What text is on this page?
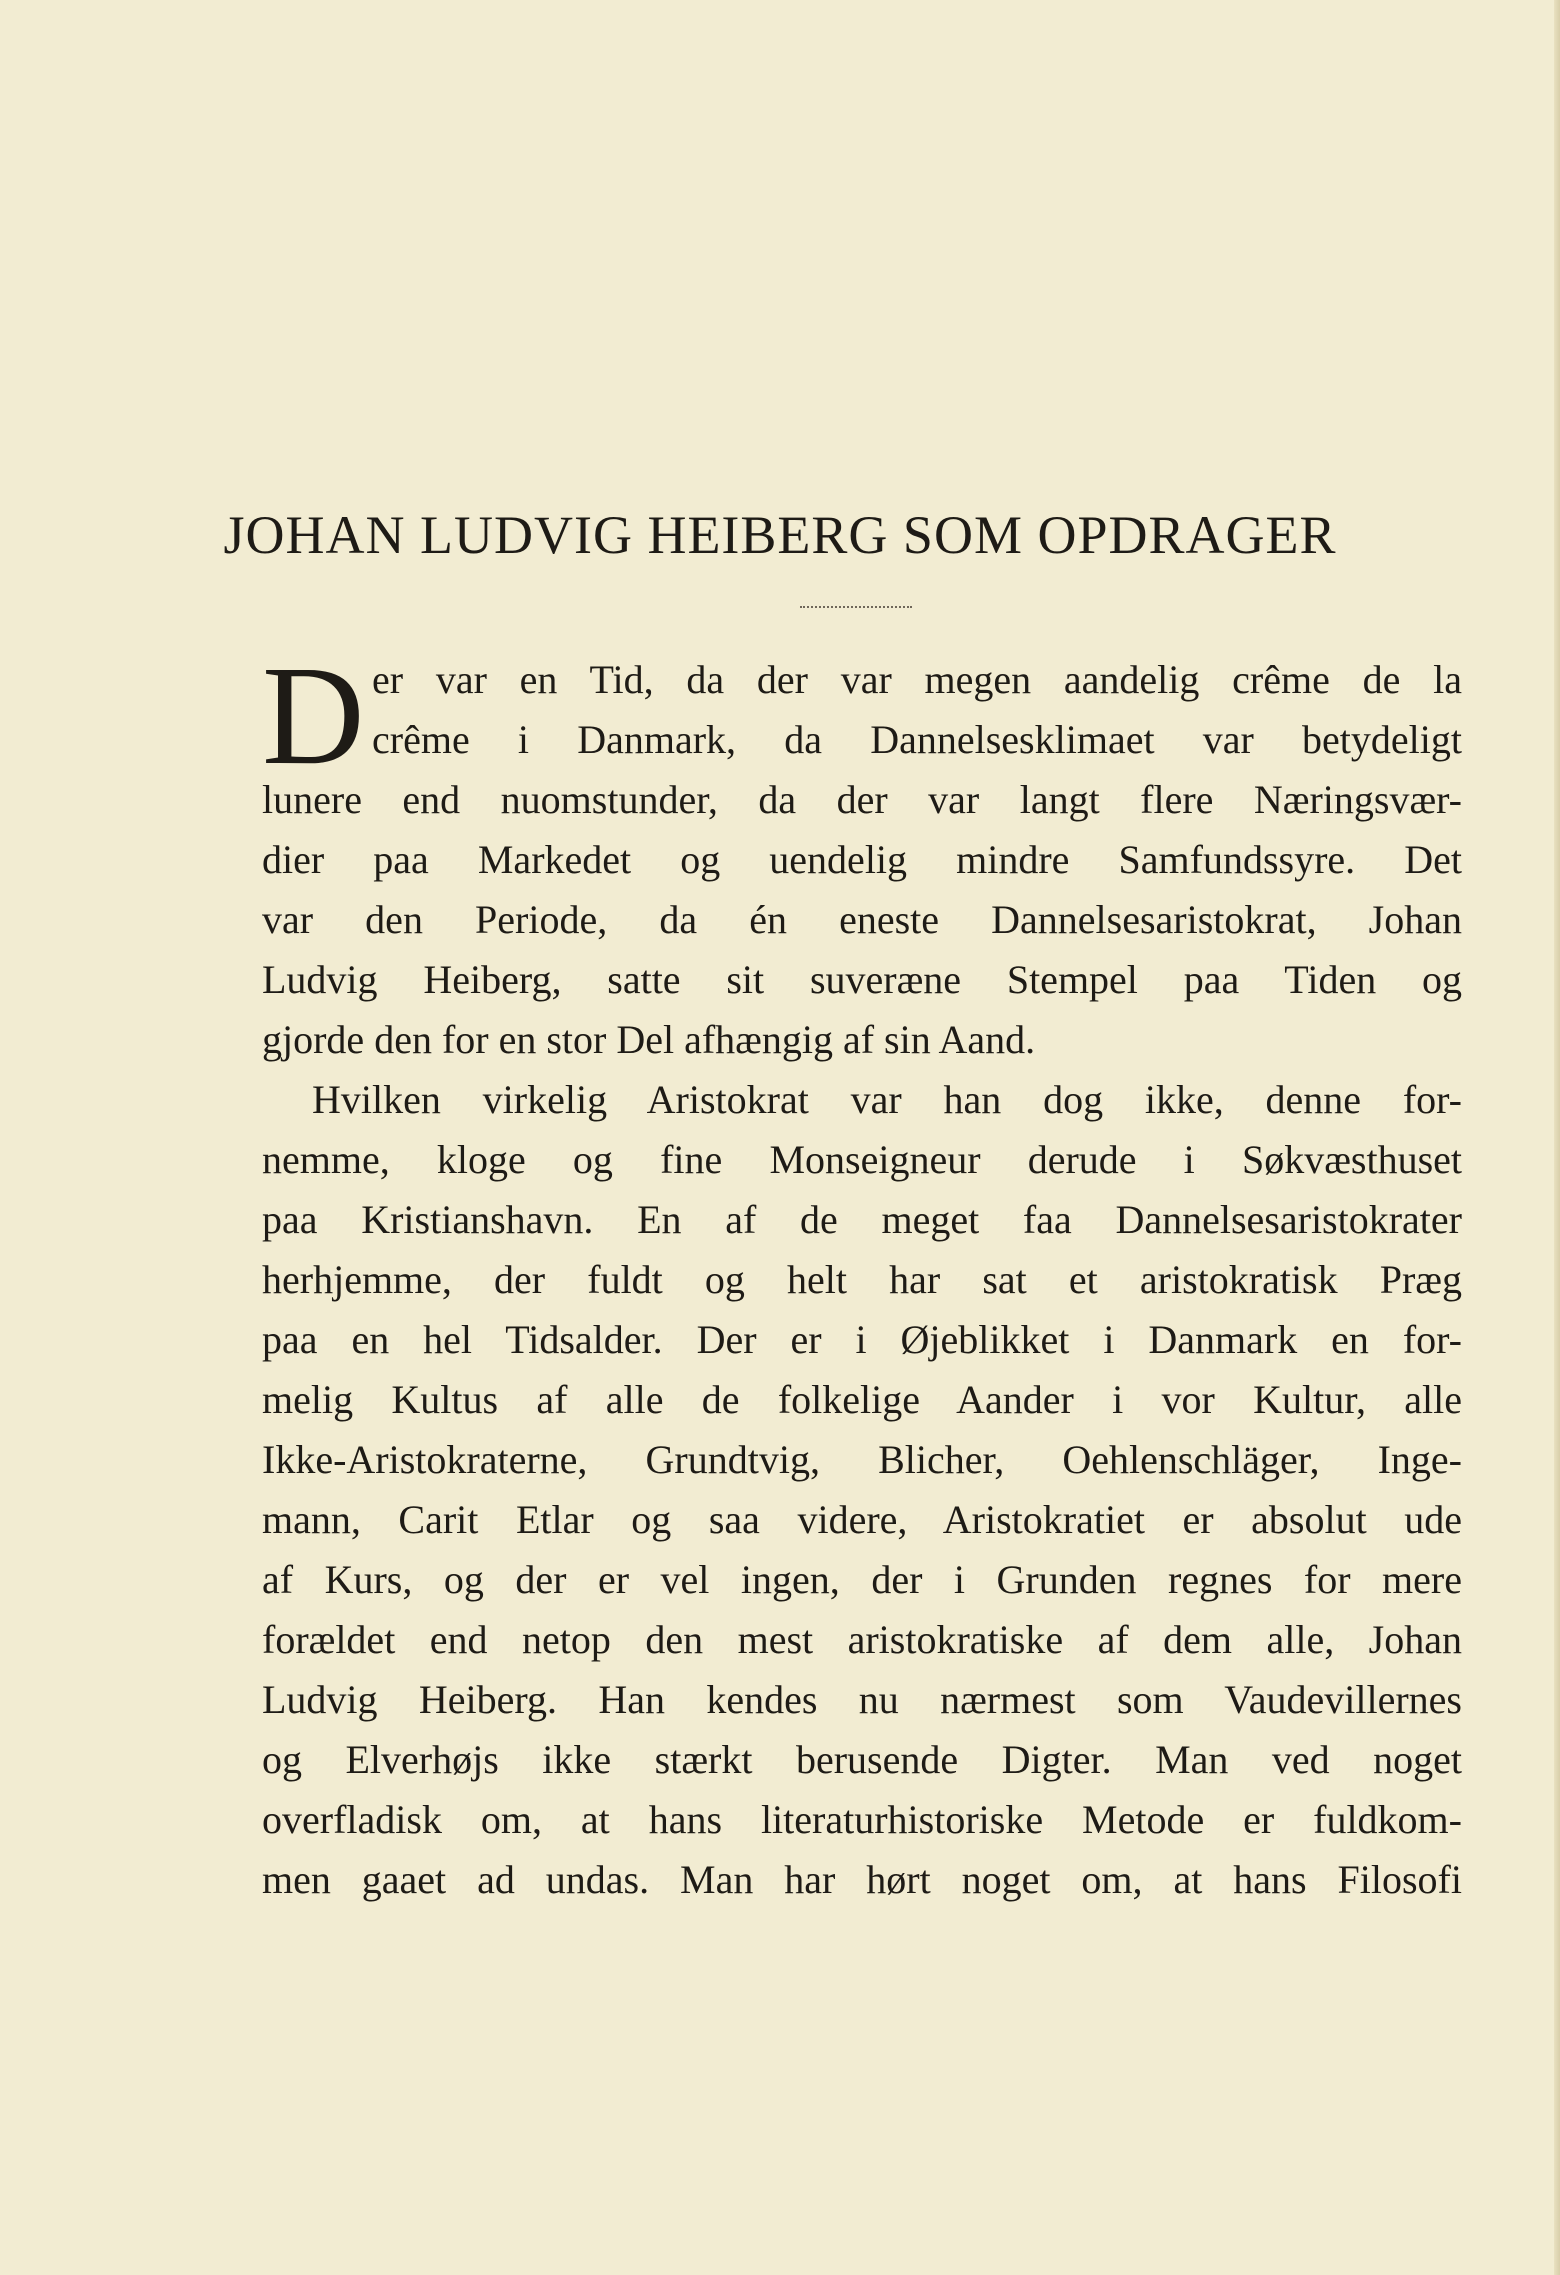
JOHAN LUDVIG HEIBERG SOM OPDRAGER
D er var en Tid, da der var megen aandelig crême de la
crême i Danmark, da Dannelsesklimaet var betydeligt
lunere end nuomstunder, da der var langt flere Næringsvær-
dier paa Markedet og uendelig mindre Samfundssyre. Det
var den Periode, da én eneste Dannelsesaristokrat, Johan
Ludvig Heiberg, satte sit suveræne Stempel paa Tiden og
gjorde den for en stor Del afhængig af sin Aand.
Hvilken virkelig Aristokrat var han dog ikke, denne for-
nemme, kloge og fine Monseigneur derude i Søkvæsthuset
paa Kristianshavn. En af de meget faa Dannelsesaristokrater
herhjemme, der fuldt og helt har sat et aristokratisk Præg
paa en hel Tidsalder. Der er i Øjeblikket i Danmark en for-
melig Kultus af alle de folkelige Aander i vor Kultur, alle
Ikke-Aristokraterne, Grundtvig, Blicher, Oehlenschläger, Inge-
mann, Carit Etlar og saa videre, Aristokratiet er absolut ude
af Kurs, og der er vel ingen, der i Grunden regnes for mere
forældet end netop den mest aristokratiske af dem alle, Johan
Ludvig Heiberg. Han kendes nu nærmest som Vaudevillernes
og Elverhøjs ikke stærkt berusende Digter. Man ved noget
overfladisk om, at hans literaturhistoriske Metode er fuldkom-
men gaaet ad undas. Man har hørt noget om, at hans Filosofi
